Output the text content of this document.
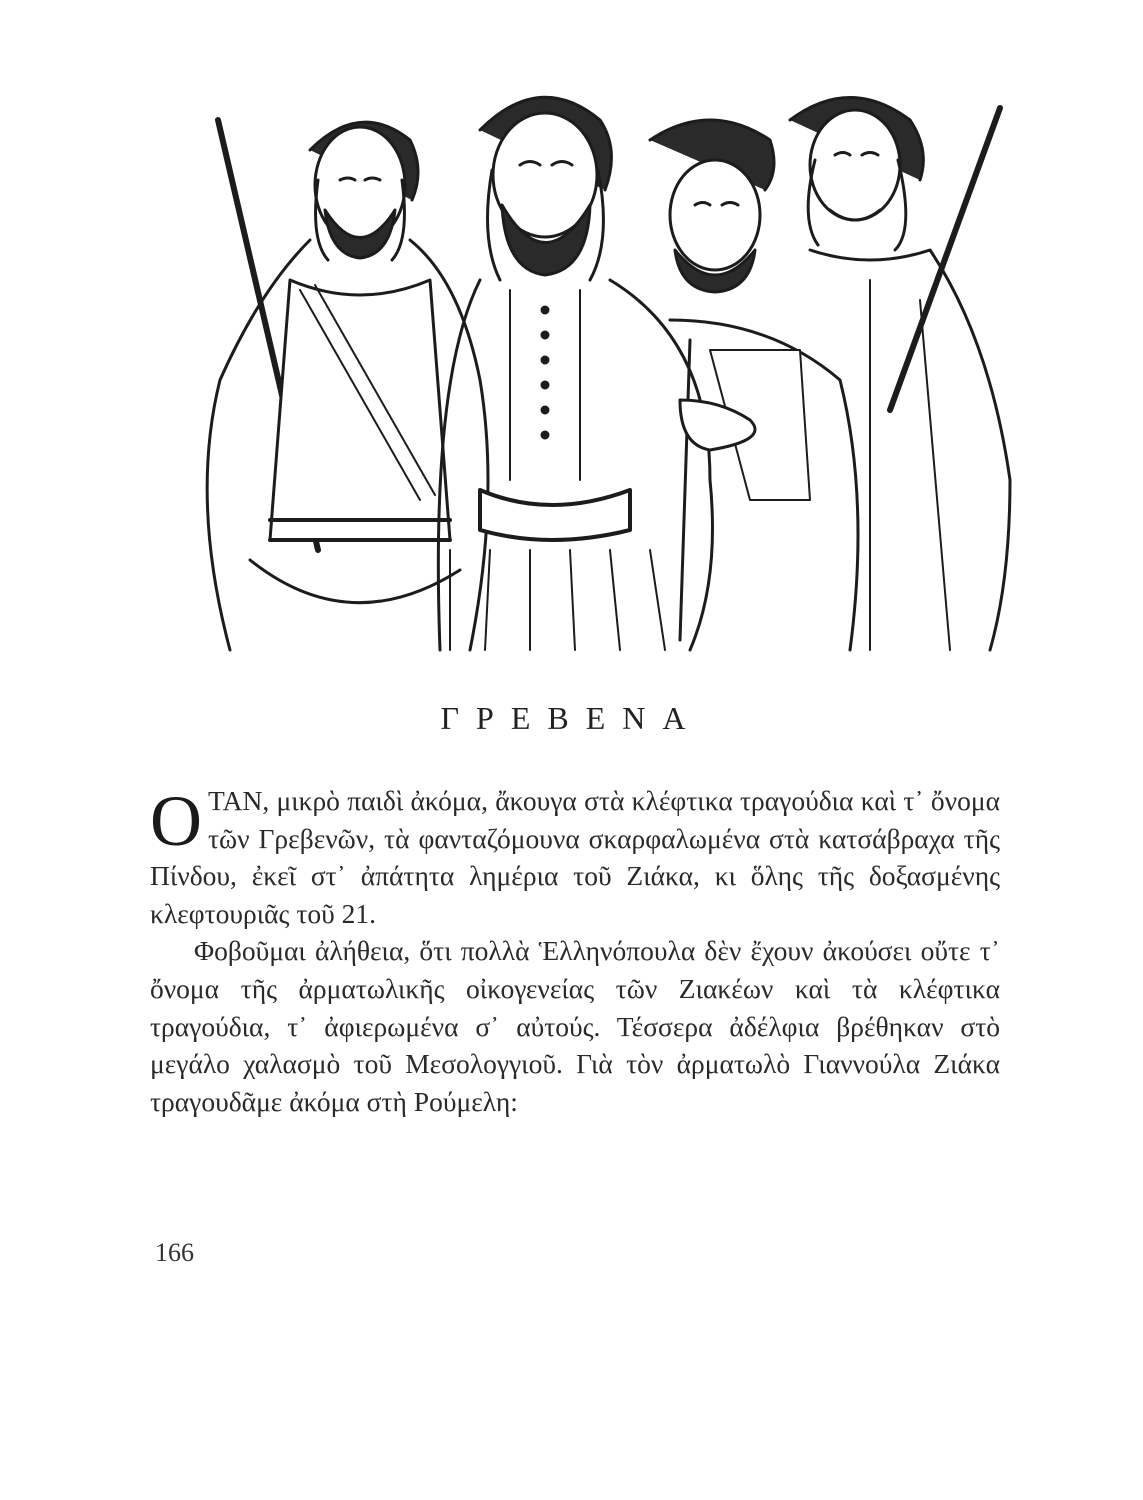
ΓΡΕΒΕΝΑ

ΟΤΑΝ, μικρὸ παιδὶ ἀκόμα, ἄκουγα στὰ κλέφτικα τραγούδια καὶ τ᾿ ὄνομα τῶν Γρεβενῶν, τὰ φανταζόμουνα σκαρφαλωμένα στὰ κατσάβραχα τῆς Πίνδου, ἐκεῖ στ᾿ ἀπάτητα λημέρια τοῦ Ζιάκα, κι ὅλης τῆς δοξασμένης κλεφτουριᾶς τοῦ 21.

Φοβοῦμαι ἀλήθεια, ὅτι πολλὰ Ἑλληνόπουλα δὲν ἔχουν ἀκούσει οὔτε τ᾿ ὄνομα τῆς ἀρματωλικῆς οἰκογενείας τῶν Ζιακέων καὶ τὰ κλέφτικα τραγούδια, τ᾿ ἀφιερωμένα σ᾿ αὐτούς. Τέσσερα ἀδέλφια βρέθηκαν στὸ μεγάλο χαλασμὸ τοῦ Μεσολογγιοῦ. Γιὰ τὸν ἀρματωλὸ Γιαννούλα Ζιάκα τραγουδᾶμε ἀκόμα στὴ Ρούμελη:

166
